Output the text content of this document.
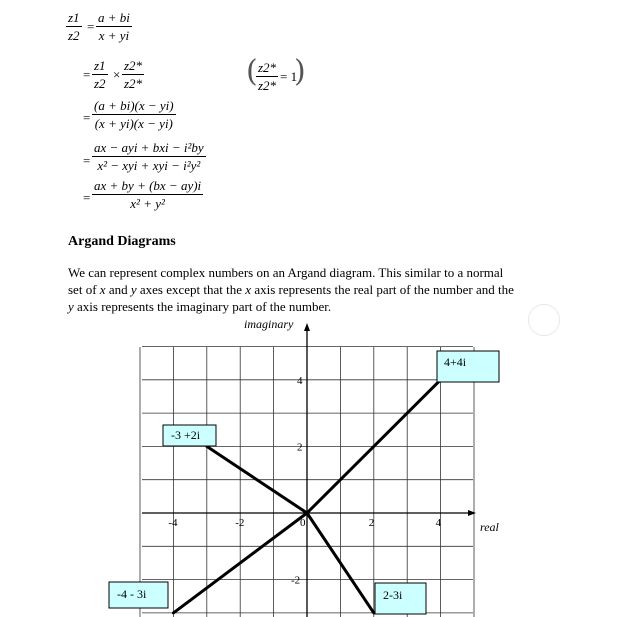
$\frac{z1}{z2} = \frac{a + bi}{x + yi}$
= $\frac{z1}{z2} \times \frac{z2*}{z2*}$	(
$\frac{z2*}{z2*} = 1$
)
= $\frac{(a + bi)(x - yi)}{(x + yi)(x - yi)}$
=
ax − ayi + bxi − i²by
x² − xyi + xyi − i²y²
= $\frac{ax + by + (bx - ay)i}{\text{x² + y²}}$
Argand Diagrams
We can represent complex numbers on an Argand diagram. This similar to a normal
set of x and y axes except that the x axis represents the real part of the number and the
y axis represents the imaginary part of the number.
real
imaginary
-4	-2	0	2	4
4
2
-2
4+4i
-3 +2i
2-3i
-4 - 3i
